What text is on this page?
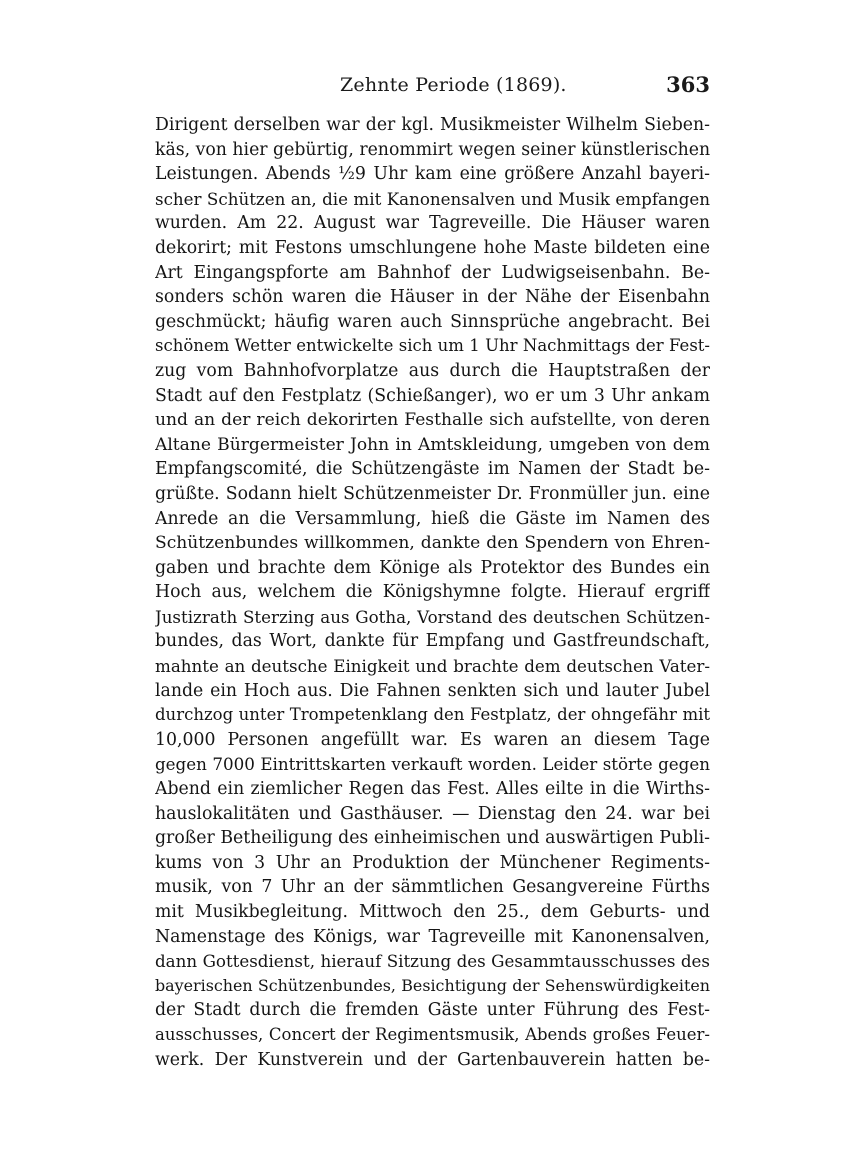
Zehnte Periode (1869).	363
Dirigent derselben war der kgl. Musikmeister Wilhelm Sieben-
käs, von hier gebürtig, renommirt wegen seiner künstlerischen
Leistungen. Abends ½9 Uhr kam eine größere Anzahl bayeri-
scher Schützen an, die mit Kanonensalven und Musik empfangen
wurden. Am 22. August war Tagreveille. Die Häuser waren
dekorirt; mit Festons umschlungene hohe Maste bildeten eine
Art Eingangspforte am Bahnhof der Ludwigseisenbahn. Be-
sonders schön waren die Häuser in der Nähe der Eisenbahn
geschmückt; häufig waren auch Sinnsprüche angebracht. Bei
schönem Wetter entwickelte sich um 1 Uhr Nachmittags der Fest-
zug vom Bahnhofvorplatze aus durch die Hauptstraßen der
Stadt auf den Festplatz (Schießanger), wo er um 3 Uhr ankam
und an der reich dekorirten Festhalle sich aufstellte, von deren
Altane Bürgermeister John in Amtskleidung, umgeben von dem
Empfangscomité, die Schützengäste im Namen der Stadt be-
grüßte. Sodann hielt Schützenmeister Dr. Fronmüller jun. eine
Anrede an die Versammlung, hieß die Gäste im Namen des
Schützenbundes willkommen, dankte den Spendern von Ehren-
gaben und brachte dem Könige als Protektor des Bundes ein
Hoch aus, welchem die Königshymne folgte. Hierauf ergriff
Justizrath Sterzing aus Gotha, Vorstand des deutschen Schützen-
bundes, das Wort, dankte für Empfang und Gastfreundschaft,
mahnte an deutsche Einigkeit und brachte dem deutschen Vater-
lande ein Hoch aus. Die Fahnen senkten sich und lauter Jubel
durchzog unter Trompetenklang den Festplatz, der ohngefähr mit
10,000 Personen angefüllt war. Es waren an diesem Tage
gegen 7000 Eintrittskarten verkauft worden. Leider störte gegen
Abend ein ziemlicher Regen das Fest. Alles eilte in die Wirths-
hauslokalitäten und Gasthäuser. — Dienstag den 24. war bei
großer Betheiligung des einheimischen und auswärtigen Publi-
kums von 3 Uhr an Produktion der Münchener Regiments-
musik, von 7 Uhr an der sämmtlichen Gesangvereine Fürths
mit Musikbegleitung. Mittwoch den 25., dem Geburts- und
Namenstage des Königs, war Tagreveille mit Kanonensalven,
dann Gottesdienst, hierauf Sitzung des Gesammtausschusses des
bayerischen Schützenbundes, Besichtigung der Sehenswürdigkeiten
der Stadt durch die fremden Gäste unter Führung des Fest-
ausschusses, Concert der Regimentsmusik, Abends großes Feuer-
werk. Der Kunstverein und der Gartenbauverein hatten be-
